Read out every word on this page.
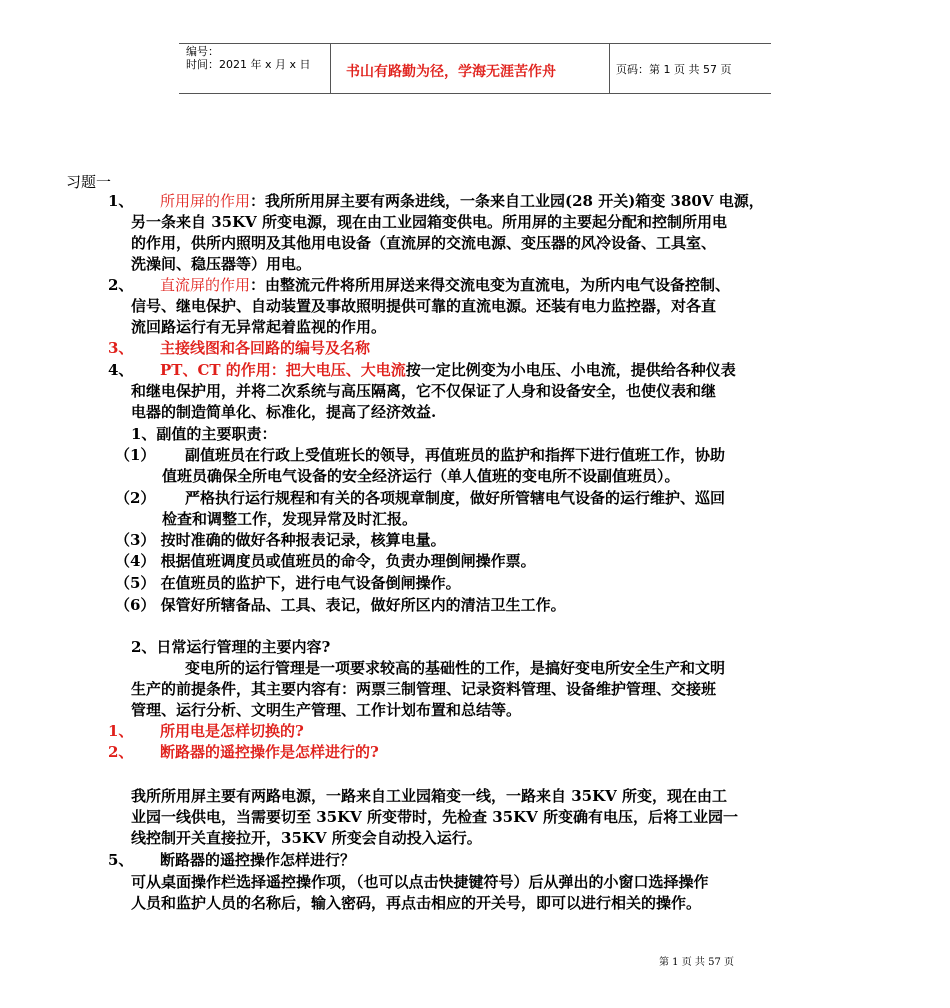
编号：
时间：2021 年 x 月 x 日	书山有路勤为径，学海无涯苦作舟	页码：第 1 页 共 57 页
习题一
1、 所用屏的作用：我所所用屏主要有两条进线，一条来自工业园(28 开关)箱变 380V 电源，
另一条来自 35KV 所变电源，现在由工业园箱变供电。所用屏的主要起分配和控制所用电
的作用，供所内照明及其他用电设备（直流屏的交流电源、变压器的风冷设备、工具室、
洗澡间、稳压器等）用电。
2、 直流屏的作用：由整流元件将所用屏送来得交流电变为直流电，为所内电气设备控制、
信号、继电保护、自动装置及事故照明提供可靠的直流电源。还装有电力监控器，对各直
流回路运行有无异常起着监视的作用。
3、 主接线图和各回路的编号及名称
4、 PT、CT 的作用：把大电压、大电流按一定比例变为小电压、小电流，提供给各种仪表
和继电保护用，并将二次系统与高压隔离，它不仅保证了人身和设备安全，也使仪表和继
电器的制造简单化、标准化，提高了经济效益.
1、副值的主要职责：
（1） 副值班员在行政上受值班长的领导，再值班员的监护和指挥下进行值班工作，协助
值班员确保全所电气设备的安全经济运行（单人值班的变电所不设副值班员）。
（2） 严格执行运行规程和有关的各项规章制度，做好所管辖电气设备的运行维护、巡回
检查和调整工作，发现异常及时汇报。
（3） 按时准确的做好各种报表记录，核算电量。
（4） 根据值班调度员或值班员的命令，负责办理倒闸操作票。
（5） 在值班员的监护下，进行电气设备倒闸操作。
（6） 保管好所辖备品、工具、表记，做好所区内的清洁卫生工作。
2、日常运行管理的主要内容?
变电所的运行管理是一项要求较高的基础性的工作，是搞好变电所安全生产和文明
生产的前提条件，其主要内容有：两票三制管理、记录资料管理、设备维护管理、交接班
管理、运行分析、文明生产管理、工作计划布置和总结等。
1、 所用电是怎样切换的?
2、 断路器的遥控操作是怎样进行的?
我所所用屏主要有两路电源，一路来自工业园箱变一线，一路来自 35KV 所变，现在由工
业园一线供电，当需要切至 35KV 所变带时，先检查 35KV 所变确有电压，后将工业园一
线控制开关直接拉开，35KV 所变会自动投入运行。
5、 断路器的遥控操作怎样进行？
可从桌面操作栏选择遥控操作项，（也可以点击快捷键符号）后从弹出的小窗口选择操作
人员和监护人员的名称后，输入密码，再点击相应的开关号，即可以进行相关的操作。
第 1 页 共 57 页
